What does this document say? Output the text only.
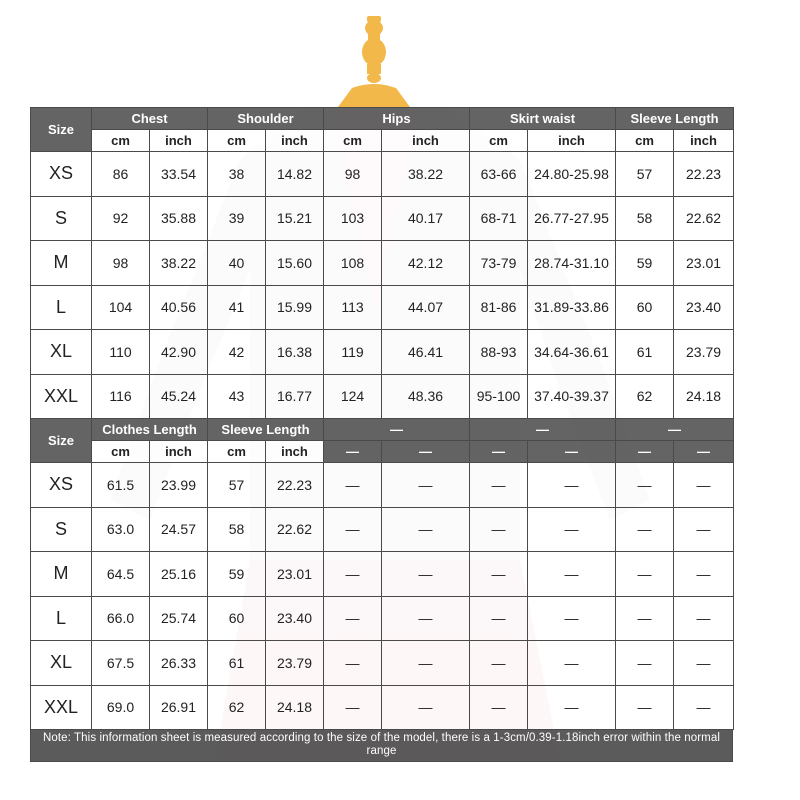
Size	Chest		Shoulder		Hips		Skirt waist		Sleeve Length	
	cm	inch	cm	inch	cm	inch	cm	inch	cm	inch
XS	86	33.54	38	14.82	98	38.22	63-66	24.80-25.98	57	22.23
S	92	35.88	39	15.21	103	40.17	68-71	26.77-27.95	58	22.62
M	98	38.22	40	15.60	108	42.12	73-79	28.74-31.10	59	23.01
L	104	40.56	41	15.99	113	44.07	81-86	31.89-33.86	60	23.40
XL	110	42.90	42	16.38	119	46.41	88-93	34.64-36.61	61	23.79
XXL	116	45.24	43	16.77	124	48.36	95-100	37.40-39.37	62	24.18
Size	Clothes Length		Sleeve Length		—		—		—	
	cm	inch	cm	inch	—	—	—	—	—	—
XS	61.5	23.99	57	22.23	—	—	—	—	—	—
S	63.0	24.57	58	22.62	—	—	—	—	—	—
M	64.5	25.16	59	23.01	—	—	—	—	—	—
L	66.0	25.74	60	23.40	—	—	—	—	—	—
XL	67.5	26.33	61	23.79	—	—	—	—	—	—
XXL	69.0	26.91	62	24.18	—	—	—	—	—	—
Note: This information sheet is measured according to the size of the model, there is a 1-3cm/0.39-1.18inch error within the normal range
